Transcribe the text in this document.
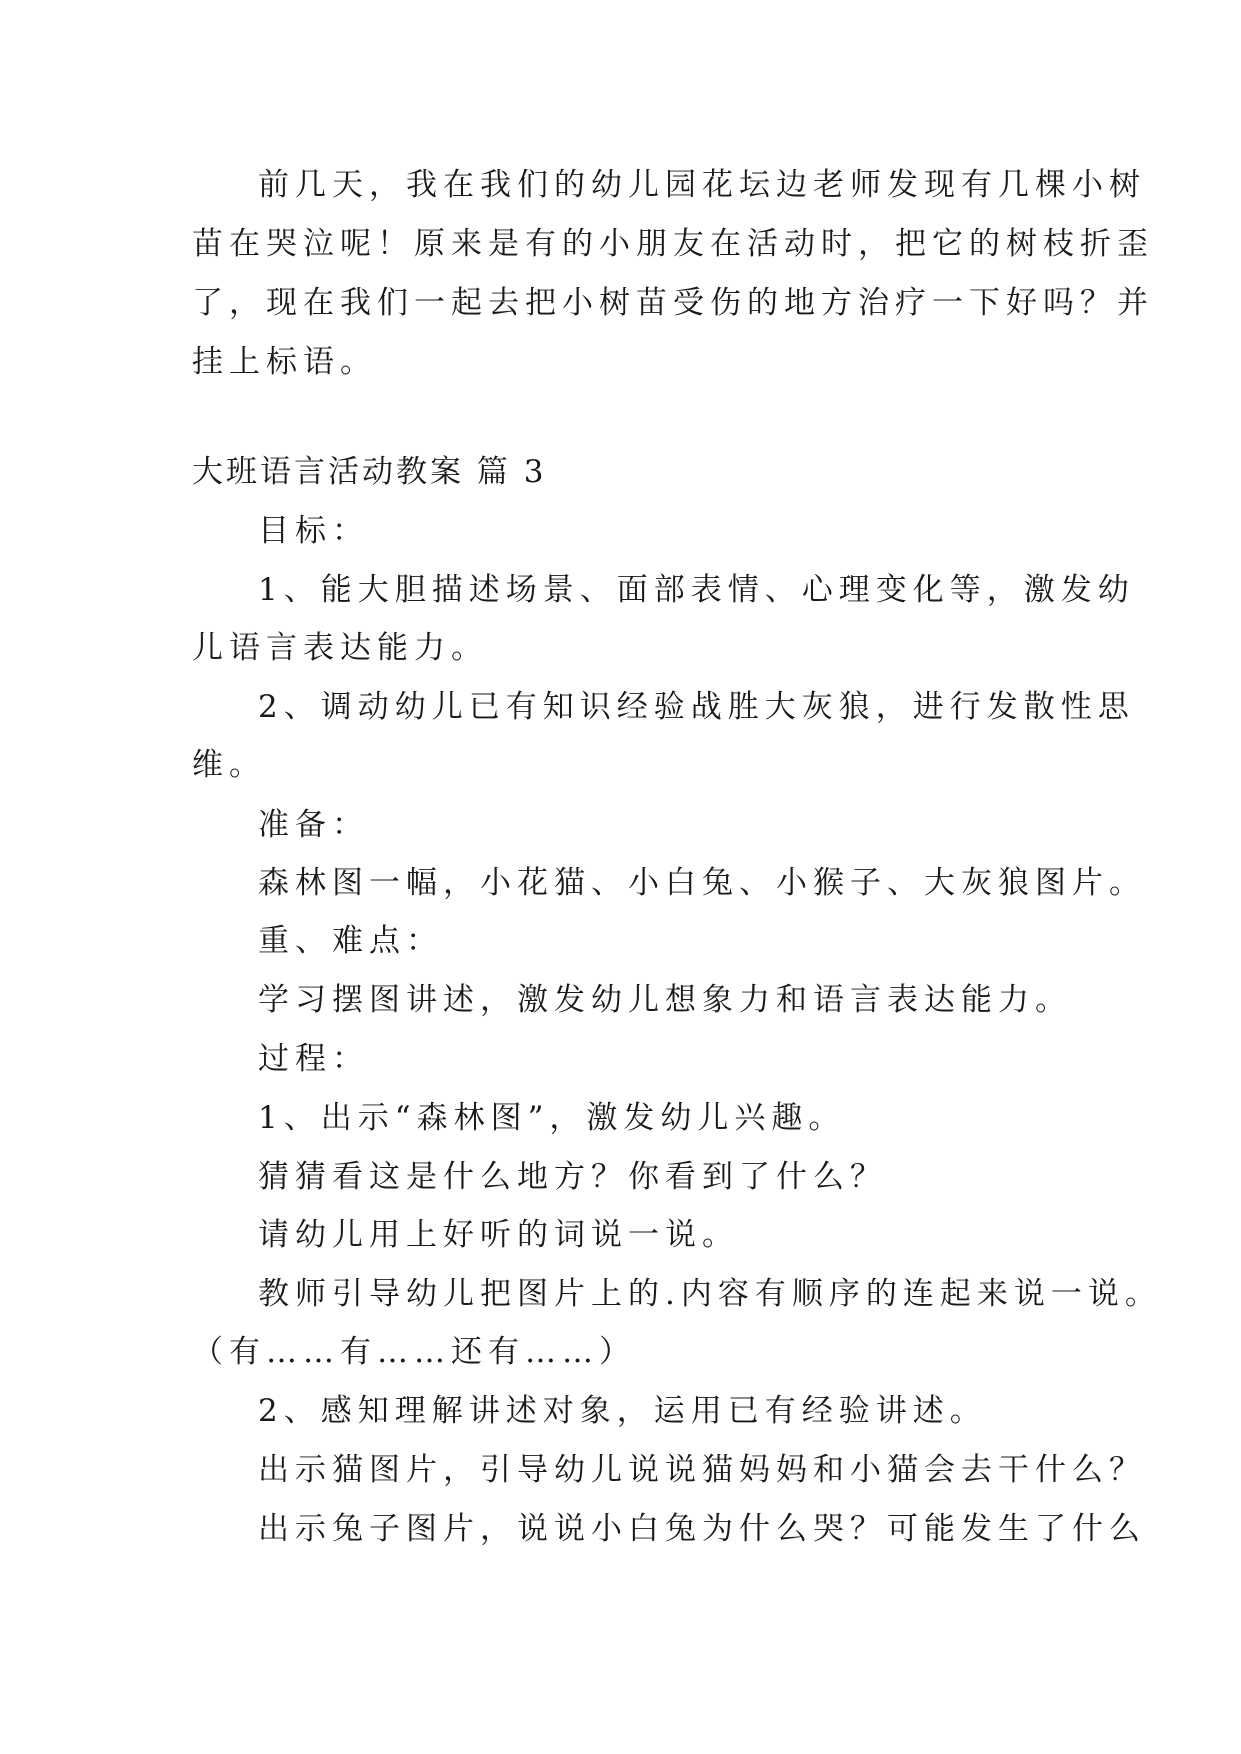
前几天，我在我们的幼儿园花坛边老师发现有几棵小树
苗在哭泣呢！原来是有的小朋友在活动时，把它的树枝折歪
了，现在我们一起去把小树苗受伤的地方治疗一下好吗？并
挂上标语。
大班语言活动教案 篇 3
目标：
1、能大胆描述场景、面部表情、心理变化等，激发幼
儿语言表达能力。
2、调动幼儿已有知识经验战胜大灰狼，进行发散性思
维。
准备：
森林图一幅，小花猫、小白兔、小猴子、大灰狼图片。
重、难点：
学习摆图讲述，激发幼儿想象力和语言表达能力。
过程：
1、出示“森林图”，激发幼儿兴趣。
猜猜看这是什么地方？你看到了什么？
请幼儿用上好听的词说一说。
教师引导幼儿把图片上的.内容有顺序的连起来说一说。
（有……有……还有……）
2、感知理解讲述对象，运用已有经验讲述。
出示猫图片，引导幼儿说说猫妈妈和小猫会去干什么？
出示兔子图片，说说小白兔为什么哭？可能发生了什么
